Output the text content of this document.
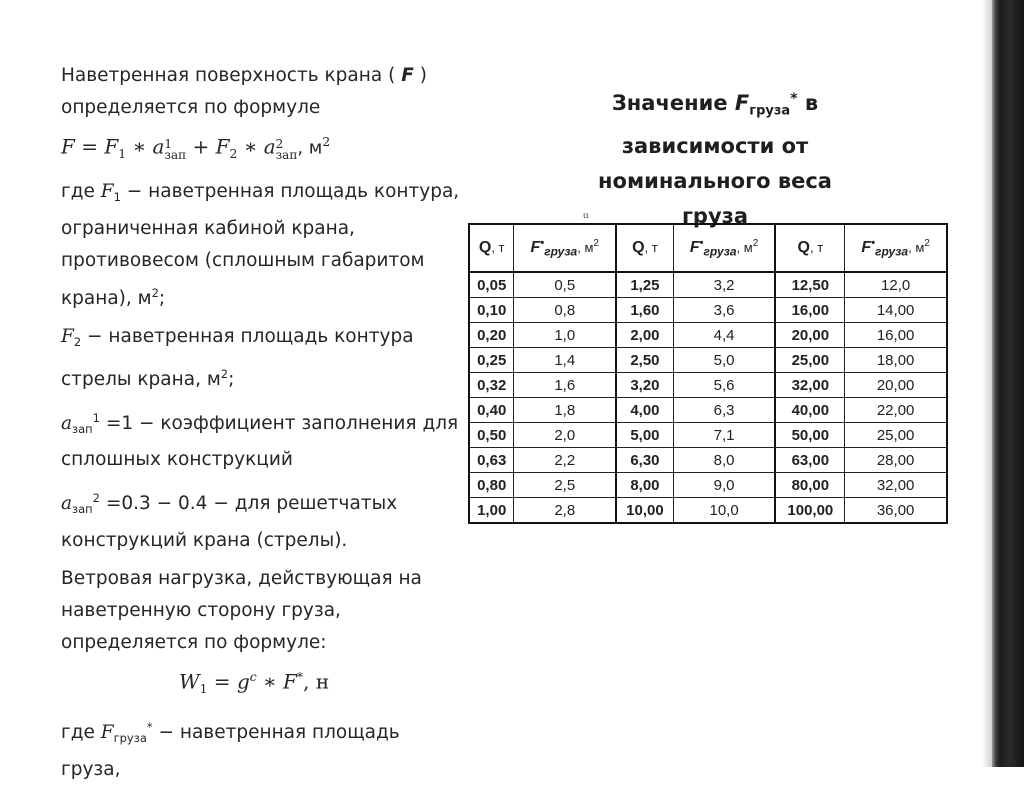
Наветренная поверхность крана ( F )
определяется по формуле
$F = F_1$ ∗ a1
зап + $F_2$ ∗ a2
зап, $м^2$
где $F_1$ − наветренная площадь контура, ограниченная кабиной крана, противовесом (сплошным габаритом крана), $м^2$;
$F_2$ − наветренная площадь контура стрелы крана, $м^2$;
$a_{зап}^1 =1$ − коэффициент заполнения для сплошных конструкций
$a_{зап}^2 =0.3 - 0.4$ − для решетчатых конструкций крана (стрелы).
Ветровая нагрузка, действующая на наветренную сторону груза, определяется по формуле:
$W_1 = g^c$ ∗ F*, н
где $F_{груза}^*$ − наветренная площадь груза,
Значение $F_{груза}^*$ в
зависимости от
номинального веса
груза
ιι
Q, т	$F^•_{груза}$, $м^2$	Q, т	$F^•_{груза}$, $м^2$	Q, т	$F^•_{груза}$, $м^2$
0,05	0,5	1,25	3,2	12,50	12,0
0,10	0,8	1,60	3,6	16,00	14,00
0,20	1,0	2,00	4,4	20,00	16,00
0,25	1,4	2,50	5,0	25,00	18,00
0,32	1,6	3,20	5,6	32,00	20,00
0,40	1,8	4,00	6,3	40,00	22,00
0,50	2,0	5,00	7,1	50,00	25,00
0,63	2,2	6,30	8,0	63,00	28,00
0,80	2,5	8,00	9,0	80,00	32,00
1,00	2,8	10,00	10,0	100,00	36,00
